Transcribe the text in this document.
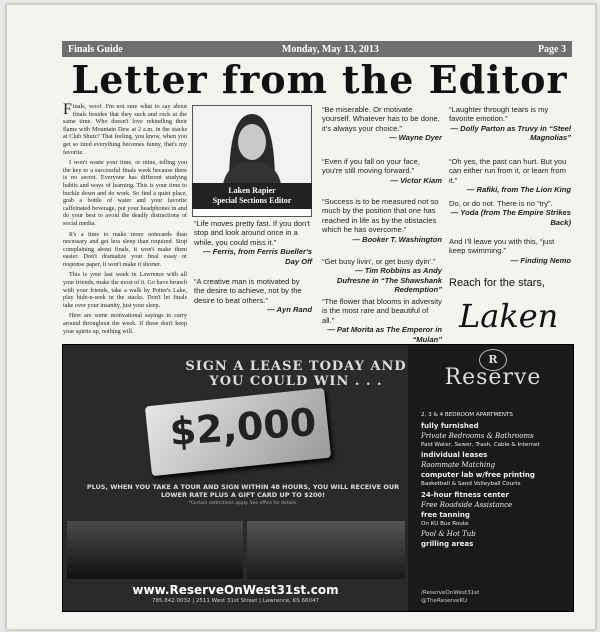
Finals Guide	Monday, May 13, 2013	Page 3
Letter from the Editor

Finals, woof. I'm not sure what to say about finals besides that they suck and rock at the same time. Who doesn't love rekindling their flame with Mountain Dew at 2 a.m. in the stacks at Club Shutz? That feeling, you know, when you get so tired everything becomes funny, that's my favorite.

I won't waste your time, or mine, telling you the key to a successful finals week because there is no secret. Everyone has different studying habits and ways of learning. This is your time to buckle down and do work. So find a quiet place, grab a bottle of water and your favorite caffeinated beverage, put your headphones in and do your best to avoid the deadly distractions of social media.

It's a time to make more notecards than necessary and get less sleep than required. Stop complaining about finals, it won't make them easier. Don't dramatize your final essay or response paper, it won't make it shorter.

This is your last week in Lawrence with all your friends, make the most of it. Go have brunch with your friends, take a walk by Potter's Lake, play hide-n-seek in the stacks. Don't let finals take over your insanity, just your sleep.

Here are some motivational sayings to carry around throughout the week. If these don't keep your spirits up, nothing will.

Laken Rapier
Special Sections Editor
“Life moves pretty fast. If you don't stop and look around once in a while, you could miss it.”
— Ferris, from Ferris Bueller's Day Off
“A creative man is motivated by the desire to achieve, not by the desire to beat others.”
— Ayn Rand
“Be miserable. Or motivate yourself. Whatever has to be done, it's always your choice.”
— Wayne Dyer
“Even if you fall on your face, you're still moving forward.”
— Victor Kiam
“Success is to be measured not so much by the position that one has reached in life as by the obstacles which he has overcome.”
— Booker T. Washington
“Get busy livin', or get busy dyin'.”
— Tim Robbins as Andy Dufresne in “The Shawshank Redemption”
“The flower that blooms in adversity is the most rare and beautiful of all.”
— Pat Morita as The Emperor in “Mulan”
“Laughter through tears is my favorite emotion.”
— Dolly Parton as Truvy in “Steel Magnolias”
“Oh yes, the past can hurt. But you can either run from it, or learn from it.”
— Rafiki, from The Lion King
Do, or do not. There is no “try”.
— Yoda (from The Empire Strikes Back)
And I'll leave you with this, “just keep swimming.”
— Finding Nemo
Reach for the stars,
Laken
SIGN A LEASE TODAY AND YOU COULD WIN . . .
$2,000
PLUS, WHEN YOU TAKE A TOUR AND SIGN WITHIN 48 HOURS, YOU WILL RECEIVE OUR LOWER RATE PLUS A GIFT CARD UP TO $200!
*Certain restrictions apply. See office for details.
www.ReserveOnWest31st.com
785.842.0032 | 2511 West 31st Street | Lawrence, KS 66047
R
Reserve
2, 3 & 4 BEDROOM APARTMENTS
fully furnished
Private Bedrooms & Bathrooms
Paid Water, Sewer, Trash, Cable & Internet
individual leases
Roommate Matching
computer lab w/free printing
Basketball & Sand Volleyball Courts
24-hour fitness center
Free Roadside Assistance
free tanning
On KU Bus Route
Pool & Hot Tub
grilling areas
/ReserveOnWest31st
@TheReserveKU
